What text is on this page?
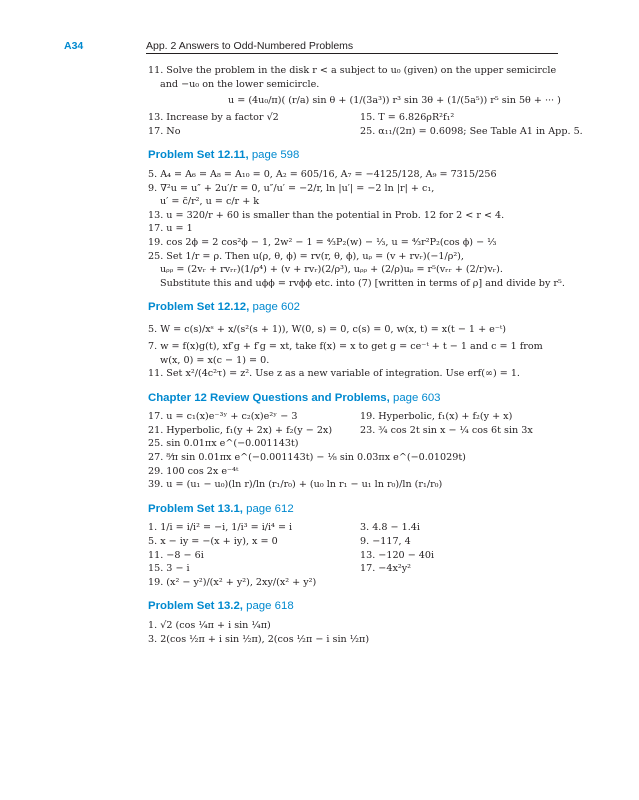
A34	App. 2 Answers to Odd-Numbered Problems
11. Solve the problem in the disk r < a subject to u₀ (given) on the upper semicircle
and −u₀ on the lower semicircle.
u = (4u₀/π)( (r/a) sin θ + (1/(3a³)) r³ sin 3θ + (1/(5a⁵)) r⁵ sin 5θ + ··· )
13. Increase by a factor √2	15. T = 6.826ρR²f₁²
17. No	25. α₁₁/(2π) = 0.6098; See Table A1 in App. 5.
Problem Set 12.11, page 598
5. A₄ = A₆ = A₈ = A₁₀ = 0, A₂ = 605/16, A₇ = −4125/128, A₉ = 7315/256
9. ∇²u = u″ + 2u′/r = 0, u″/u′ = −2/r, ln |u′| = −2 ln |r| + c₁,
u′ = c̃/r², u = c/r + k
13. u = 320/r + 60 is smaller than the potential in Prob. 12 for 2 < r < 4.
17. u = 1
19. cos 2ϕ = 2 cos²ϕ − 1, 2w² − 1 = ⁴⁄₃P₂(w) − ⅓, u = ⁴⁄₃r²P₂(cos ϕ) − ⅓
25. Set 1/r = ρ. Then u(ρ, θ, ϕ) = rv(r, θ, ϕ), uᵨ = (v + rvᵣ)(−1/ρ²),
uᵨᵨ = (2vᵣ + rvᵣᵣ)(1/ρ⁴) + (v + rvᵣ)(2/ρ³), uᵨᵨ + (2/ρ)uᵨ = r⁵(vᵣᵣ + (2/r)vᵣ).
Substitute this and uϕϕ = rvϕϕ etc. into (7) [written in terms of ρ] and divide by r⁵.
Problem Set 12.12, page 602
5. W = c(s)/xˢ + x/(s²(s + 1)), W(0, s) = 0, c(s) = 0, w(x, t) = x(t − 1 + e⁻ᵗ)
7. w = f(x)g(t), xf′g + f′g = xt, take f(x) = x to get g = ce⁻ᵗ + t − 1 and c = 1 from
w(x, 0) = x(c − 1) = 0.
11. Set x²/(4c²τ) = z². Use z as a new variable of integration. Use erf(∞) = 1.
Chapter 12 Review Questions and Problems, page 603
17. u = c₁(x)e⁻³ʸ + c₂(x)e²ʸ − 3	19. Hyperbolic, f₁(x) + f₂(y + x)
21. Hyperbolic, f₁(y + 2x) + f₂(y − 2x)	23. ¾ cos 2t sin x − ¼ cos 6t sin 3x
25. sin 0.01πx e^(−0.001143t)
27. ⁸⁄π sin 0.01πx e^(−0.001143t) − ⅛ sin 0.03πx e^(−0.01029t)
29. 100 cos 2x e⁻⁴ᵗ
39. u = (u₁ − u₀)(ln r)/ln (r₁/r₀) + (u₀ ln r₁ − u₁ ln r₀)/ln (r₁/r₀)
Problem Set 13.1, page 612
1. 1/i = i/i² = −i, 1/i³ = i/i⁴ = i	3. 4.8 − 1.4i
5. x − iy = −(x + iy), x = 0	9. −117, 4
11. −8 − 6i	13. −120 − 40i
15. 3 − i	17. −4x²y²
19. (x² − y²)/(x² + y²), 2xy/(x² + y²)
Problem Set 13.2, page 618
1. √2 (cos ¼π + i sin ¼π)
3. 2(cos ½π + i sin ½π), 2(cos ½π − i sin ½π)
